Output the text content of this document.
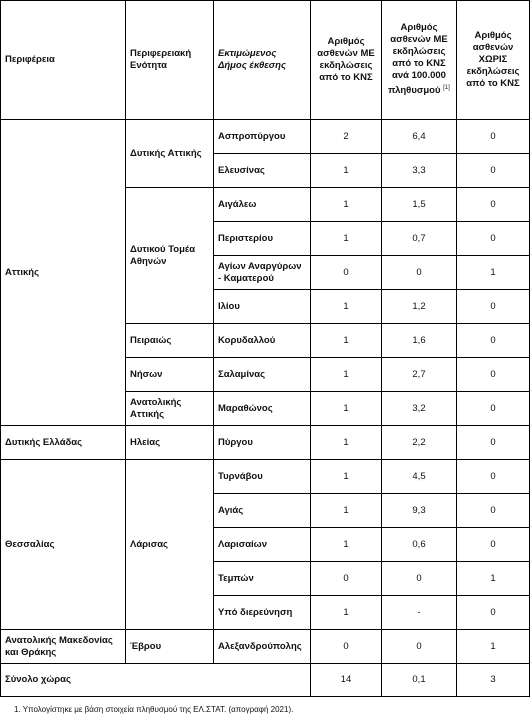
Περιφέρεια	Περιφερειακή Ενότητα	Εκτιμώμενος Δήμος έκθεσης	Αριθμός ασθενών ΜΕ εκδηλώσεις από το ΚΝΣ	Αριθμός ασθενών ΜΕ εκδηλώσεις από το ΚΝΣ ανά 100.000 πληθυσμού [1]	Αριθμός ασθενών ΧΩΡΙΣ εκδηλώσεις από το ΚΝΣ
Αττικής	Δυτικής Αττικής	Ασπροπύργου	2	6,4	0
		Ελευσίνας	1	3,3	0
	Δυτικού Τομέα Αθηνών	Αιγάλεω	1	1,5	0
		Περιστερίου	1	0,7	0
		Αγίων Αναργύρων - Καματερού	0	0	1
		Ιλίου	1	1,2	0
	Πειραιώς	Κορυδαλλού	1	1,6	0
	Νήσων	Σαλαμίνας	1	2,7	0
	Ανατολικής Αττικής	Μαραθώνος	1	3,2	0
Δυτικής Ελλάδας	Ηλείας	Πύργου	1	2,2	0
Θεσσαλίας	Λάρισας	Τυρνάβου	1	4,5	0
		Αγιάς	1	9,3	0
		Λαρισαίων	1	0,6	0
		Τεμπών	0	0	1
		Υπό διερεύνηση	1	-	0
Ανατολικής Μακεδονίας και Θράκης	Έβρου	Αλεξανδρούπολης	0	0	1
Σύνολο χώρας			14	0,1	3
1. Υπολογίστηκε με βάση στοιχεία πληθυσμού της ΕΛ.ΣΤΑΤ. (απογραφή 2021).
